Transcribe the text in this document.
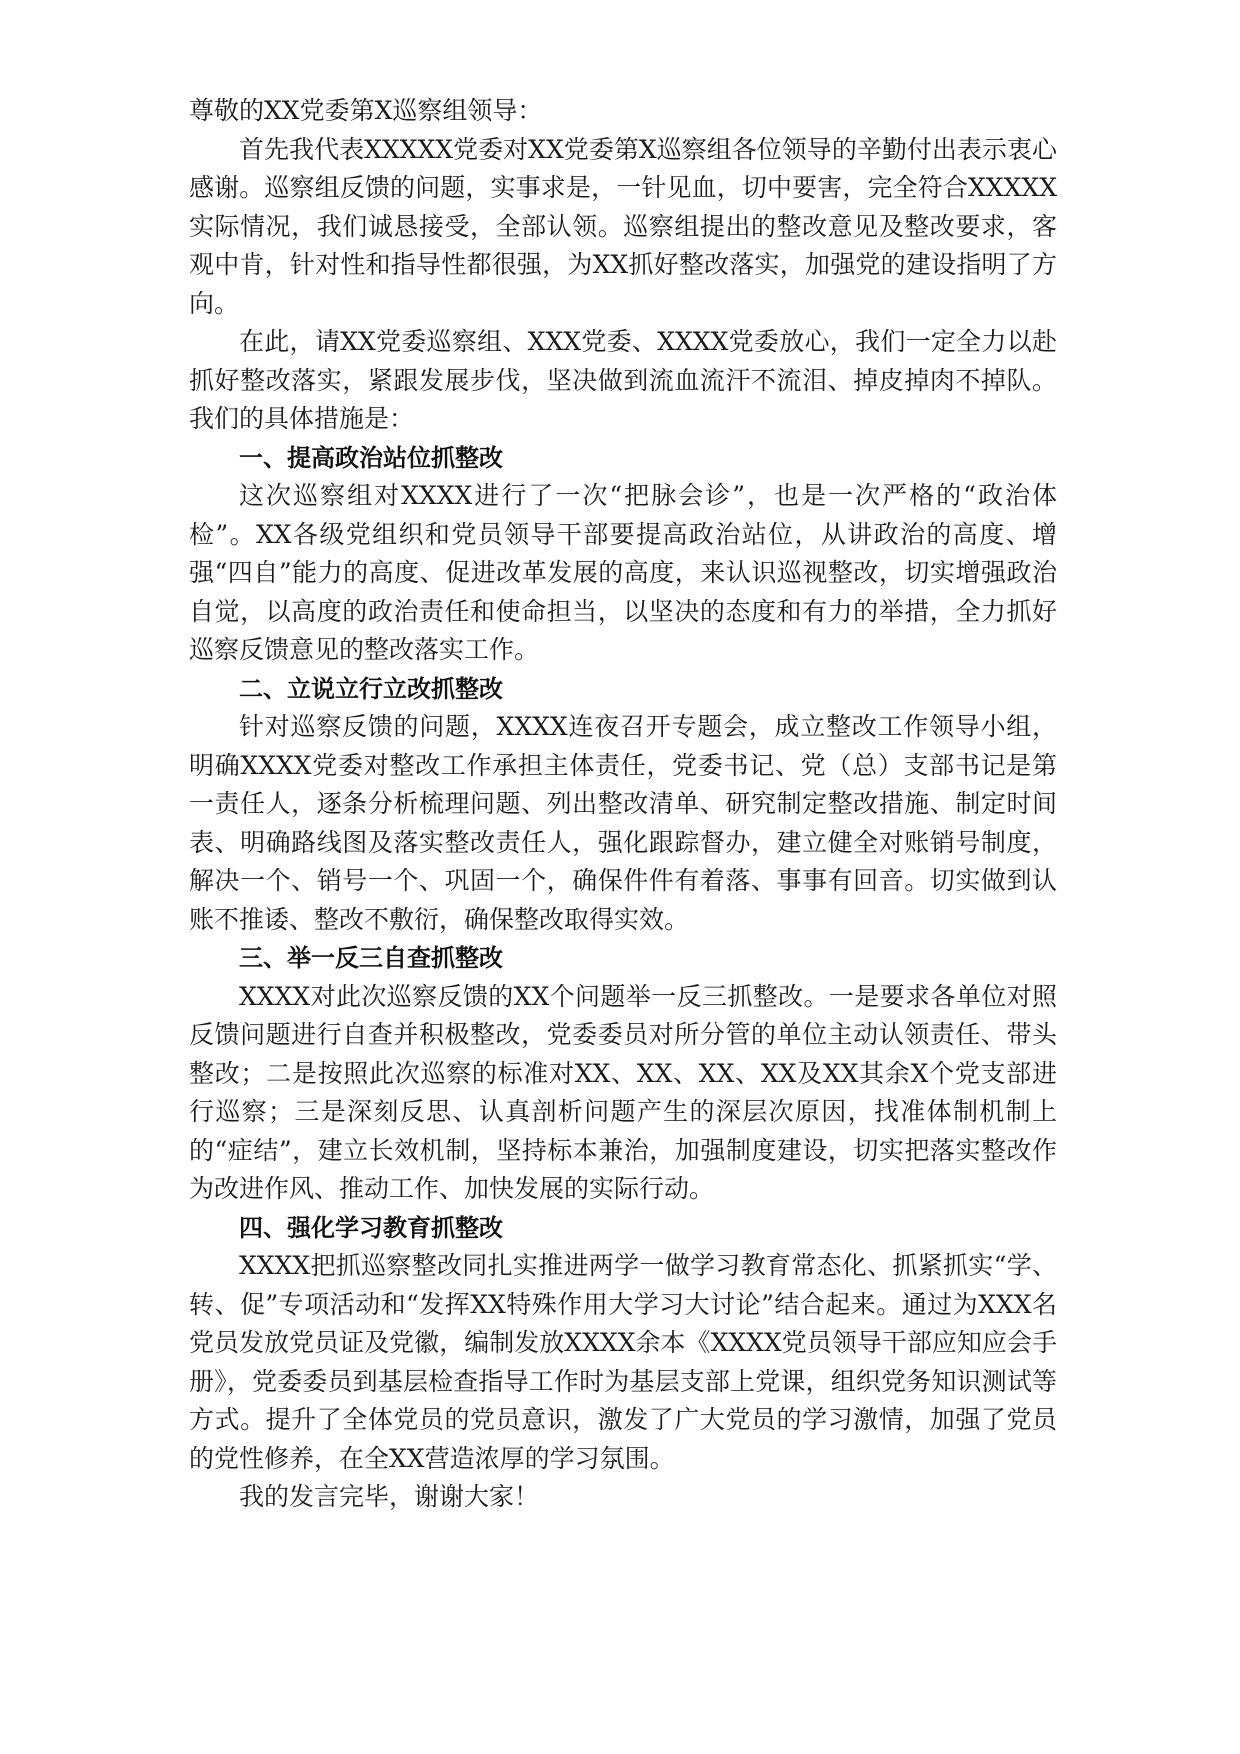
尊敬的XX党委第X巡察组领导：

首先我代表XXXXX党委对XX党委第X巡察组各位领导的辛勤付出表示衷心感谢。巡察组反馈的问题，实事求是，一针见血，切中要害，完全符合XXXXX实际情况，我们诚恳接受，全部认领。巡察组提出的整改意见及整改要求，客观中肯，针对性和指导性都很强，为XX抓好整改落实，加强党的建设指明了方向。

在此，请XX党委巡察组、XXX党委、XXXX党委放心，我们一定全力以赴抓好整改落实，紧跟发展步伐，坚决做到流血流汗不流泪、掉皮掉肉不掉队。我们的具体措施是：

一、提高政治站位抓整改

这次巡察组对XXXX进行了一次“把脉会诊”，也是一次严格的“政治体检”。XX各级党组织和党员领导干部要提高政治站位，从讲政治的高度、增强“四自”能力的高度、促进改革发展的高度，来认识巡视整改，切实增强政治自觉，以高度的政治责任和使命担当，以坚决的态度和有力的举措，全力抓好巡察反馈意见的整改落实工作。

二、立说立行立改抓整改

针对巡察反馈的问题，XXXX连夜召开专题会，成立整改工作领导小组，明确XXXX党委对整改工作承担主体责任，党委书记、党（总）支部书记是第一责任人，逐条分析梳理问题、列出整改清单、研究制定整改措施、制定时间表、明确路线图及落实整改责任人，强化跟踪督办，建立健全对账销号制度，解决一个、销号一个、巩固一个，确保件件有着落、事事有回音。切实做到认账不推诿、整改不敷衍，确保整改取得实效。

三、举一反三自查抓整改

XXXX对此次巡察反馈的XX个问题举一反三抓整改。一是要求各单位对照反馈问题进行自查并积极整改，党委委员对所分管的单位主动认领责任、带头整改；二是按照此次巡察的标准对XX、XX、XX、XX及XX其余X个党支部进行巡察；三是深刻反思、认真剖析问题产生的深层次原因，找准体制机制上的“症结”，建立长效机制，坚持标本兼治，加强制度建设，切实把落实整改作为改进作风、推动工作、加快发展的实际行动。

四、强化学习教育抓整改

XXXX把抓巡察整改同扎实推进两学一做学习教育常态化、抓紧抓实“学、转、促”专项活动和“发挥XX特殊作用大学习大讨论”结合起来。通过为XXX名党员发放党员证及党徽，编制发放XXXX余本《XXXX党员领导干部应知应会手册》，党委委员到基层检查指导工作时为基层支部上党课，组织党务知识测试等方式。提升了全体党员的党员意识，激发了广大党员的学习激情，加强了党员的党性修养，在全XX营造浓厚的学习氛围。

我的发言完毕，谢谢大家！
